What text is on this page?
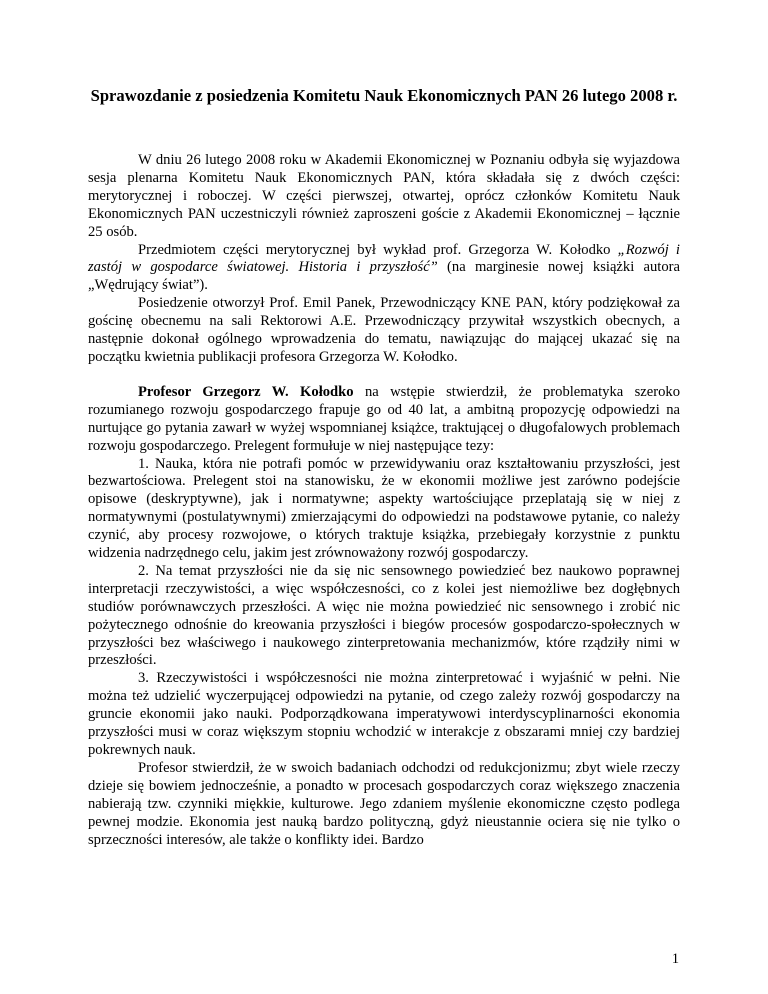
Sprawozdanie z posiedzenia Komitetu Nauk Ekonomicznych PAN 26 lutego 2008 r.

W dniu 26 lutego 2008 roku w Akademii Ekonomicznej w Poznaniu odbyła się wyjazdowa sesja plenarna Komitetu Nauk Ekonomicznych PAN, która składała się z dwóch części: merytorycznej i roboczej. W części pierwszej, otwartej, oprócz członków Komitetu Nauk Ekonomicznych PAN uczestniczyli również zaproszeni goście z Akademii Ekonomicznej – łącznie 25 osób.

Przedmiotem części merytorycznej był wykład prof. Grzegorza W. Kołodko „Rozwój i zastój w gospodarce światowej. Historia i przyszłość” (na marginesie nowej książki autora „Wędrujący świat”).

Posiedzenie otworzył Prof. Emil Panek, Przewodniczący KNE PAN, który podziękował za gościnę obecnemu na sali Rektorowi A.E. Przewodniczący przywitał wszystkich obecnych, a następnie dokonał ogólnego wprowadzenia do tematu, nawiązując do mającej ukazać się na początku kwietnia publikacji profesora Grzegorza W. Kołodko.

Profesor Grzegorz W. Kołodko na wstępie stwierdził, że problematyka szeroko rozumianego rozwoju gospodarczego frapuje go od 40 lat, a ambitną propozycję odpowiedzi na nurtujące go pytania zawarł w wyżej wspomnianej książce, traktującej o długofalowych problemach rozwoju gospodarczego. Prelegent formułuje w niej następujące tezy:

1. Nauka, która nie potrafi pomóc w przewidywaniu oraz kształtowaniu przyszłości, jest bezwartościowa. Prelegent stoi na stanowisku, że w ekonomii możliwe jest zarówno podejście opisowe (deskryptywne), jak i normatywne; aspekty wartościujące przeplatają się w niej z normatywnymi (postulatywnymi) zmierzającymi do odpowiedzi na podstawowe pytanie, co należy czynić, aby procesy rozwojowe, o których traktuje książka, przebiegały korzystnie z punktu widzenia nadrzędnego celu, jakim jest zrównoważony rozwój gospodarczy.

2. Na temat przyszłości nie da się nic sensownego powiedzieć bez naukowo poprawnej interpretacji rzeczywistości, a więc współczesności, co z kolei jest niemożliwe bez dogłębnych studiów porównawczych przeszłości. A więc nie można powiedzieć nic sensownego i zrobić nic pożytecznego odnośnie do kreowania przyszłości i biegów procesów gospodarczo-społecznych w przyszłości bez właściwego i naukowego zinterpretowania mechanizmów, które rządziły nimi w przeszłości.

3. Rzeczywistości i współczesności nie można zinterpretować i wyjaśnić w pełni. Nie można też udzielić wyczerpującej odpowiedzi na pytanie, od czego zależy rozwój gospodarczy na gruncie ekonomii jako nauki. Podporządkowana imperatywowi interdyscyplinarności ekonomia przyszłości musi w coraz większym stopniu wchodzić w interakcje z obszarami mniej czy bardziej pokrewnych nauk.

Profesor stwierdził, że w swoich badaniach odchodzi od redukcjonizmu; zbyt wiele rzeczy dzieje się bowiem jednocześnie, a ponadto w procesach gospodarczych coraz większego znaczenia nabierają tzw. czynniki miękkie, kulturowe. Jego zdaniem myślenie ekonomiczne często podlega pewnej modzie. Ekonomia jest nauką bardzo polityczną, gdyż nieustannie ociera się nie tylko o sprzeczności interesów, ale także o konflikty idei. Bardzo

1
